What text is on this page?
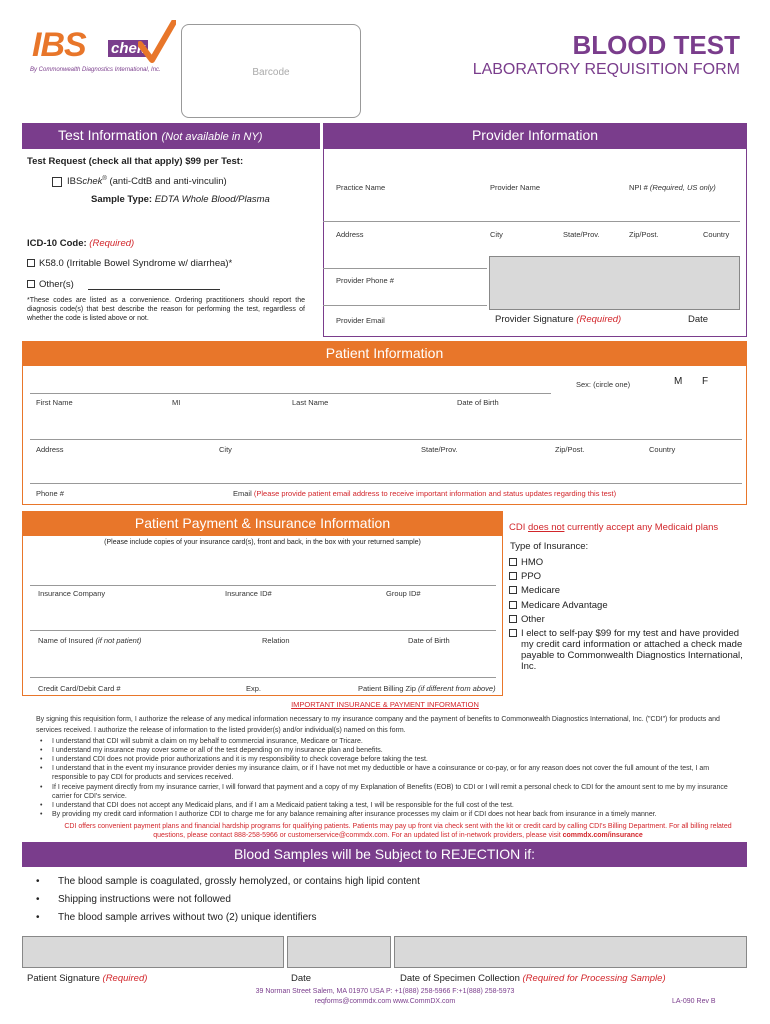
IBS chek
By Commonwealth Diagnostics International, Inc.	Barcode
BLOOD TEST
LABORATORY REQUISITION FORM
Test Information (Not available in NY)
Test Request (check all that apply) $99 per Test:
IBSchek® (anti-CdtB and anti-vinculin)
Sample Type: EDTA Whole Blood/Plasma
ICD-10 Code: (Required)
K58.0 (Irritable Bowel Syndrome w/ diarrhea)*
Other(s)
*These codes are listed as a convenience. Ordering practitioners should report the diagnosis code(s) that best describe the reason for performing the test, regardless of whether the code is listed above or not.
Provider Information
Practice Name	Provider Name	NPI # (Required, US only)
Address	City	State/Prov.	Zip/Post.	Country
Provider Phone #
Provider Email	Provider Signature (Required)	Date
Patient Information
Sex: (circle one)	M F
First Name	MI	Last Name	Date of Birth
Address	City	State/Prov.	Zip/Post.	Country
Phone #	Email (Please provide patient email address to receive important information and status updates regarding this test)
Patient Payment & Insurance Information
(Please include copies of your insurance card(s), front and back, in the box with your returned sample)
Insurance Company	Insurance ID#	Group ID#
Name of Insured (if not patient)	Relation	Date of Birth
Credit Card/Debit Card #	Exp.	Patient Billing Zip (if different from above)
CDI does not currently accept any Medicaid plans
Type of Insurance:
HMO
PPO
Medicare
Medicare Advantage
Other
I elect to self-pay $99 for my test and have provided my credit card information or attached a check made payable to Commonwealth Diagnostics International, Inc.
IMPORTANT INSURANCE & PAYMENT INFORMATION
By signing this requisition form, I authorize the release of any medical information necessary to my insurance company and the payment of benefits to Commonwealth Diagnostics International, Inc. ("CDI") for products and services received. I authorize the release of information to the listed provider(s) and/or individual(s) named on this form.
• I understand that CDI will submit a claim on my behalf to commercial insurance, Medicare or Tricare.
• I understand my insurance may cover some or all of the test depending on my insurance plan and benefits.
• I understand CDI does not provide prior authorizations and it is my responsibility to check coverage before taking the test.
• I understand that in the event my insurance provider denies my insurance claim, or if I have not met my deductible or have a coinsurance or co-pay, or for any reason does not cover the full amount of the test, I am responsible to pay CDI for products and services received.
• If I receive payment directly from my insurance carrier, I will forward that payment and a copy of my Explanation of Benefits (EOB) to CDI or I will remit a personal check to CDI for the amount sent to me by my insurance carrier for CDI's service.
• I understand that CDI does not accept any Medicaid plans, and if I am a Medicaid patient taking a test, I will be responsible for the full cost of the test.
• By providing my credit card information I authorize CDI to charge me for any balance remaining after insurance processes my claim or if CDI does not hear back from insurance in a timely manner.
CDI offers convenient payment plans and financial hardship programs for qualifying patients. Patients may pay up front via check sent with the kit or credit card by calling CDI's Billing Department. For all billing related questions, please contact 888-258-5966 or customerservice@commdx.com. For an updated list of in-network providers, please visit commdx.com/insurance
Blood Samples will be Subject to REJECTION if:
• The blood sample is coagulated, grossly hemolyzed, or contains high lipid content
• Shipping instructions were not followed
• The blood sample arrives without two (2) unique identifiers
Patient Signature (Required)	Date	Date of Specimen Collection (Required for Processing Sample)
39 Norman Street Salem, MA 01970 USA P: +1(888) 258-5966 F:+1(888) 258-5973
reqforms@commdx.com www.CommDX.com	LA-090 Rev B
